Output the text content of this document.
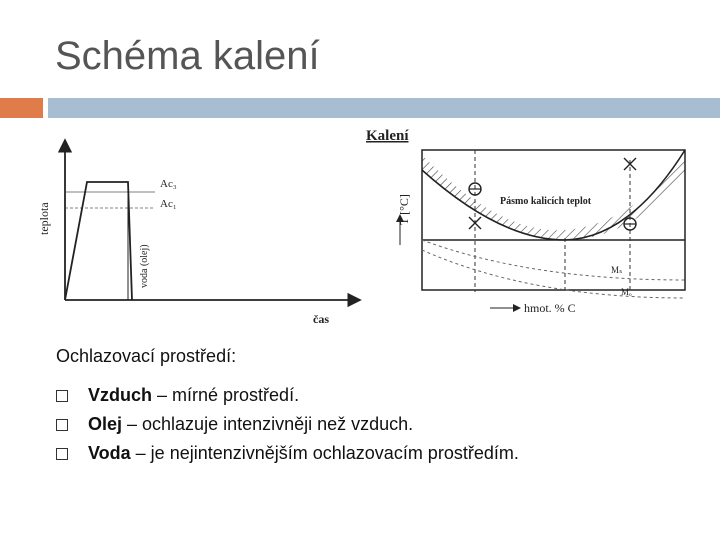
Schéma kalení
Kalení
teplota
čas
Ac₃
Ac₁
voda (olej)
T [°C]
hmot. % C
Pásmo kalicích teplot
Mₛ
Mₒ
Ochlazovací prostředí:
Vzduch – mírné prostředí.
Olej – ochlazuje intenzivněji než vzduch.
Voda – je nejintenzivnějším ochlazovacím prostředím.
